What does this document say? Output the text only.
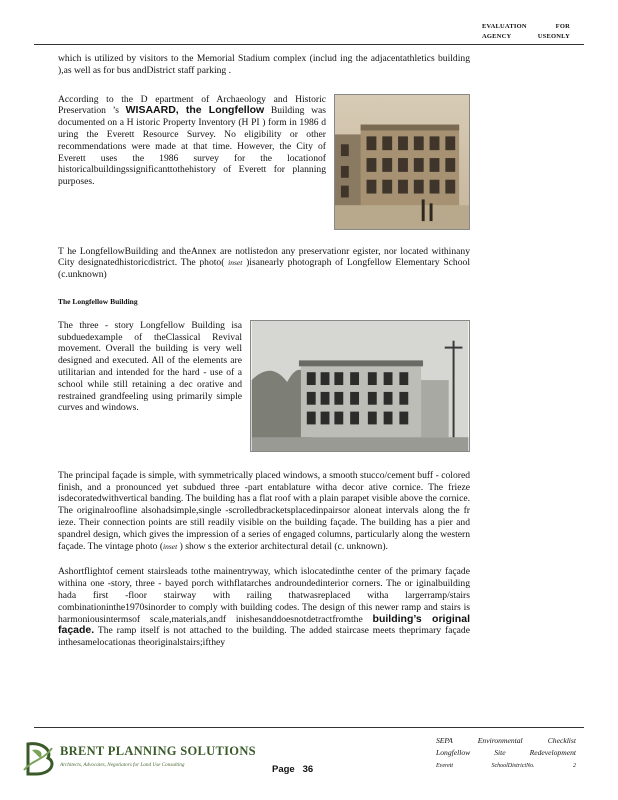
EVALUATION	FOR
AGENCY	USEONLY

which is utilized by visitors to the Memorial Stadium complex (includ ing the adjacentathletics building ),as well as for bus andDistrict staff parking .

According to the D epartment of Archaeology and Historic Preservation ’s WISAARD, the Longfellow Building was documented on a H istoric Property Inventory (H PI ) form in 1986 d uring the Everett Resource Survey. No eligibility or other recommendations were made at that time. However, the City of Everett uses the 1986 survey for the locationof historicalbuildingssignificanttothehistory of Everett for planning purposes.

T he LongfellowBuilding and theAnnex are notlistedon any preservationr egister, nor located withinany City designatedhistoricdistrict. The photo( inset )isanearly photograph of Longfellow Elementary School (c.unknown)

The Longfellow Building
The three - story Longfellow Building isa subduedexample of theClassical Revival movement. Overall the building is very well designed and executed. All of the elements are utilitarian and intended for the hard - use of a school while still retaining a dec orative and restrained grandfeeling using primarily simple curves and windows.

The principal façade is simple, with symmetrically placed windows, a smooth stucco/cement buff - colored finish, and a pronounced yet subdued three -part entablature witha decor ative cornice. The frieze isdecoratedwithvertical banding. The building has a flat roof with a plain parapet visible above the cornice. The originalroofline alsohadsimple,single -scrolledbracketsplacedinpairsor aloneat intervals along the fr ieze. Their connection points are still readily visible on the building façade. The building has a pier and spandrel design, which gives the impression of a series of engaged columns, particularly along the western façade. The vintage photo (inset ) show s the exterior architectural detail (c. unknown).

Ashortflightof cement stairsleads tothe mainentryway, which islocatedinthe center of the primary façade withina one -story, three - bayed porch withflatarches androundedinterior corners. The or iginalbuilding hada first -floor stairway with railing thatwasreplaced witha largerramp/stairs combinationinthe1970sinorder to comply with building codes. The design of this newer ramp and stairs is harmoniousintermsof scale,materials,andf inishesanddoesnotdetractfromthe building’s original façade. The ramp itself is not attached to the building. The added staircase meets theprimary façade inthesamelocationas theoriginalstairs;ifthey

BRENT PLANNING SOLUTIONS
Architects, Advocates, Negotiators for Land Use Consulting	Page 36
SEPA	Environmental	Checklist
Longfellow	Site	Redevelopment
Everett	SchoolDistrictNo.	2
